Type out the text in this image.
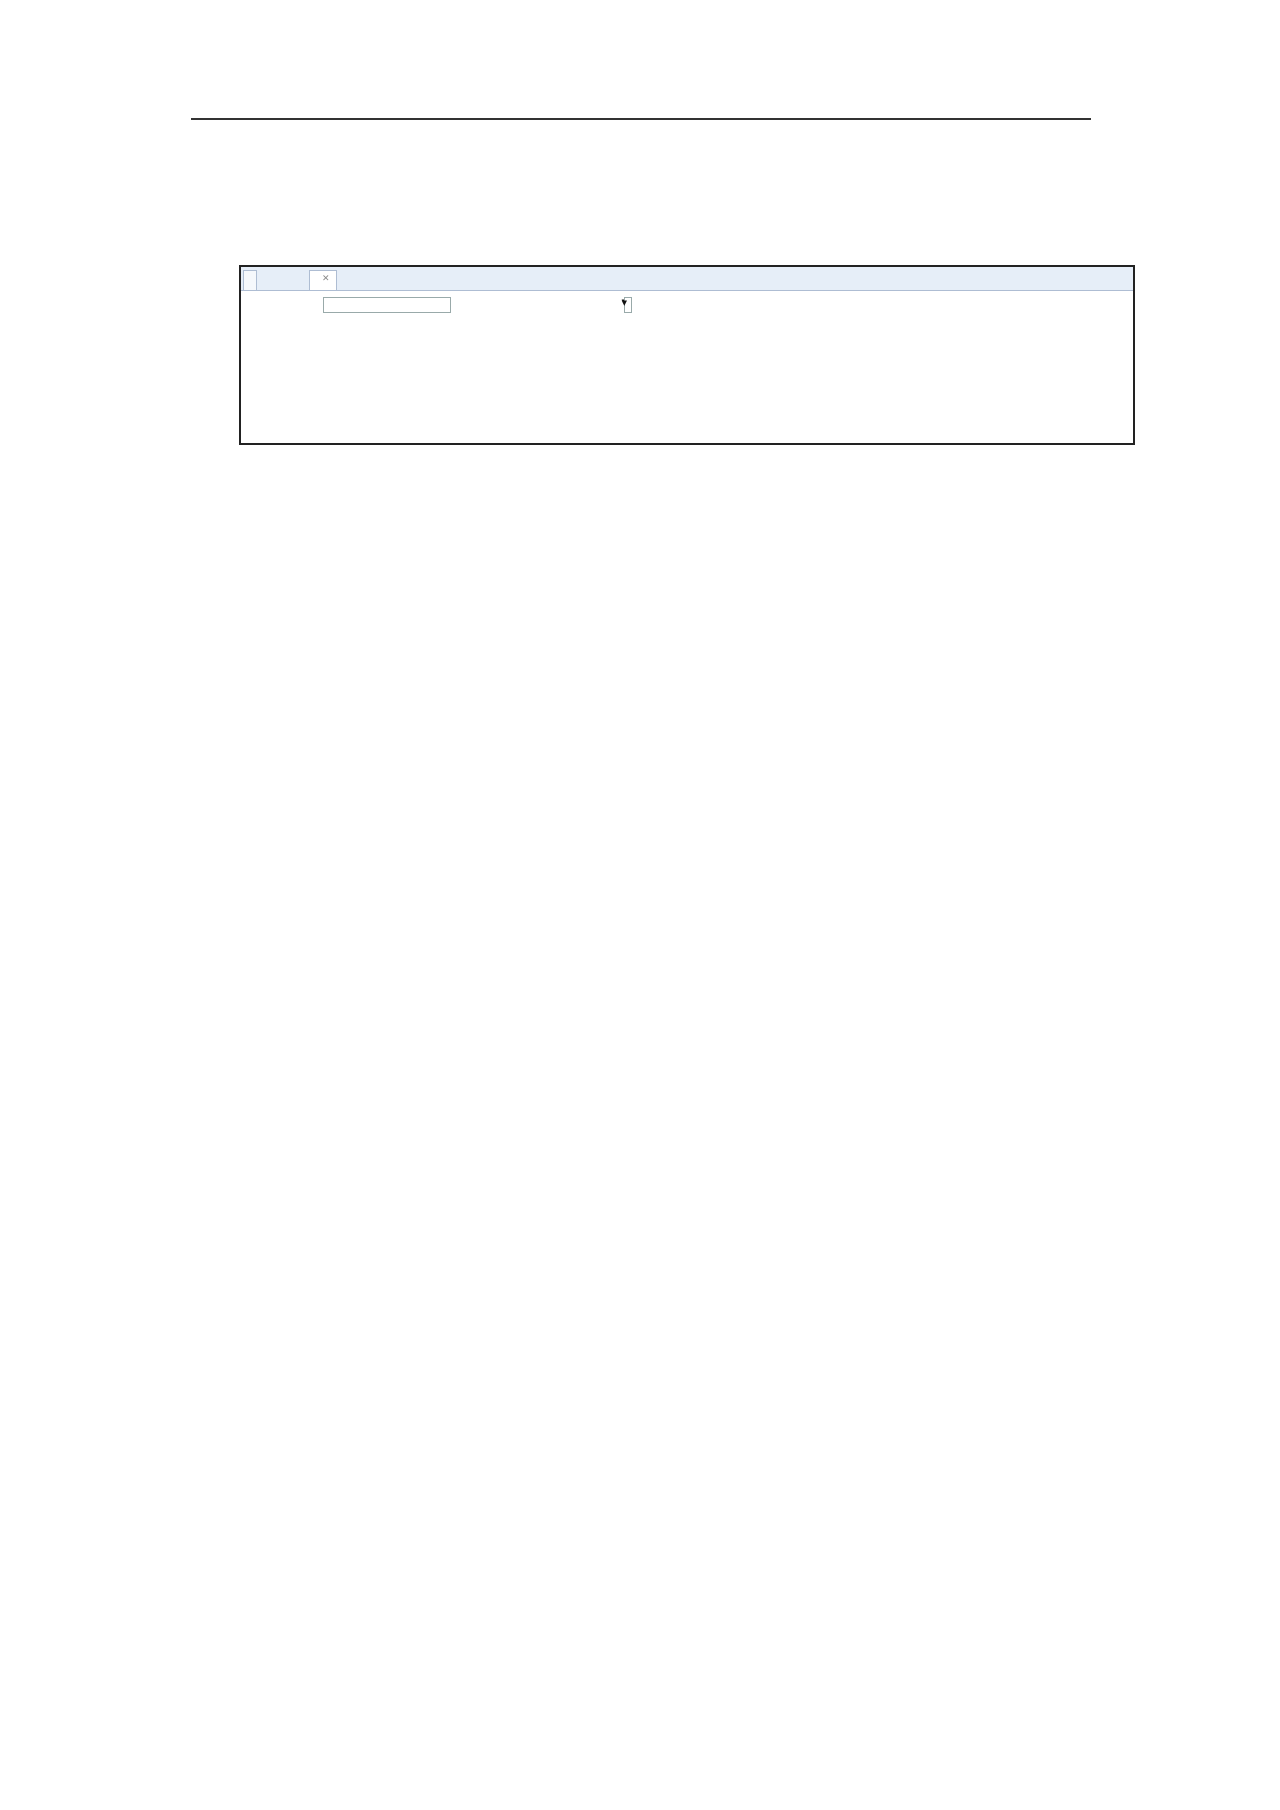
✕
▼
▼
